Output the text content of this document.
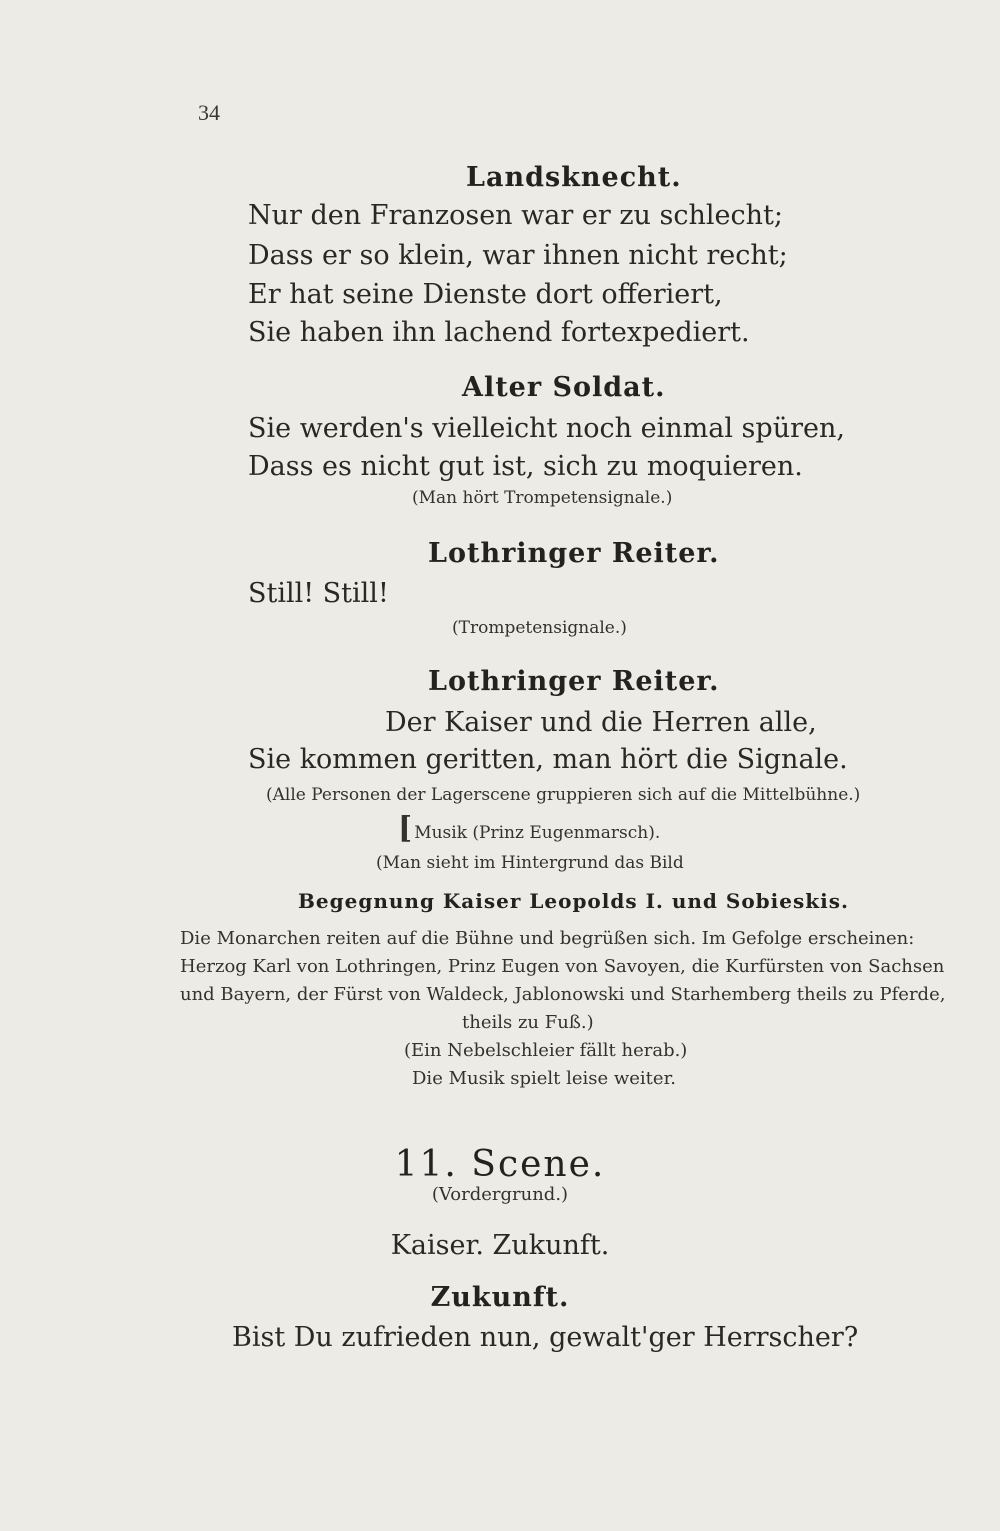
34
Landsknecht.
Nur den Franzosen war er zu schlecht;
Dass er so klein, war ihnen nicht recht;
Er hat seine Dienste dort offeriert,
Sie haben ihn lachend fortexpediert.
Alter Soldat.
Sie werden's vielleicht noch einmal spüren,
Dass es nicht gut ist, sich zu moquieren.
(Man hört Trompetensignale.)
Lothringer Reiter.
Still! Still!
(Trompetensignale.)
Lothringer Reiter.
Der Kaiser und die Herren alle,
Sie kommen geritten, man hört die Signale.
(Alle Personen der Lagerscene gruppieren sich auf die Mittelbühne.)
[ Musik (Prinz Eugenmarsch).
(Man sieht im Hintergrund das Bild
Begegnung Kaiser Leopolds I. und Sobieskis.
Die Monarchen reiten auf die Bühne und begrüßen sich. Im Gefolge erscheinen:
Herzog Karl von Lothringen, Prinz Eugen von Savoyen, die Kurfürsten von Sachsen
und Bayern, der Fürst von Waldeck, Jablonowski und Starhemberg theils zu Pferde,
theils zu Fuß.)
(Ein Nebelschleier fällt herab.)
Die Musik spielt leise weiter.
11. Scene.
(Vordergrund.)
Kaiser. Zukunft.
Zukunft.
Bist Du zufrieden nun, gewalt'ger Herrscher?
